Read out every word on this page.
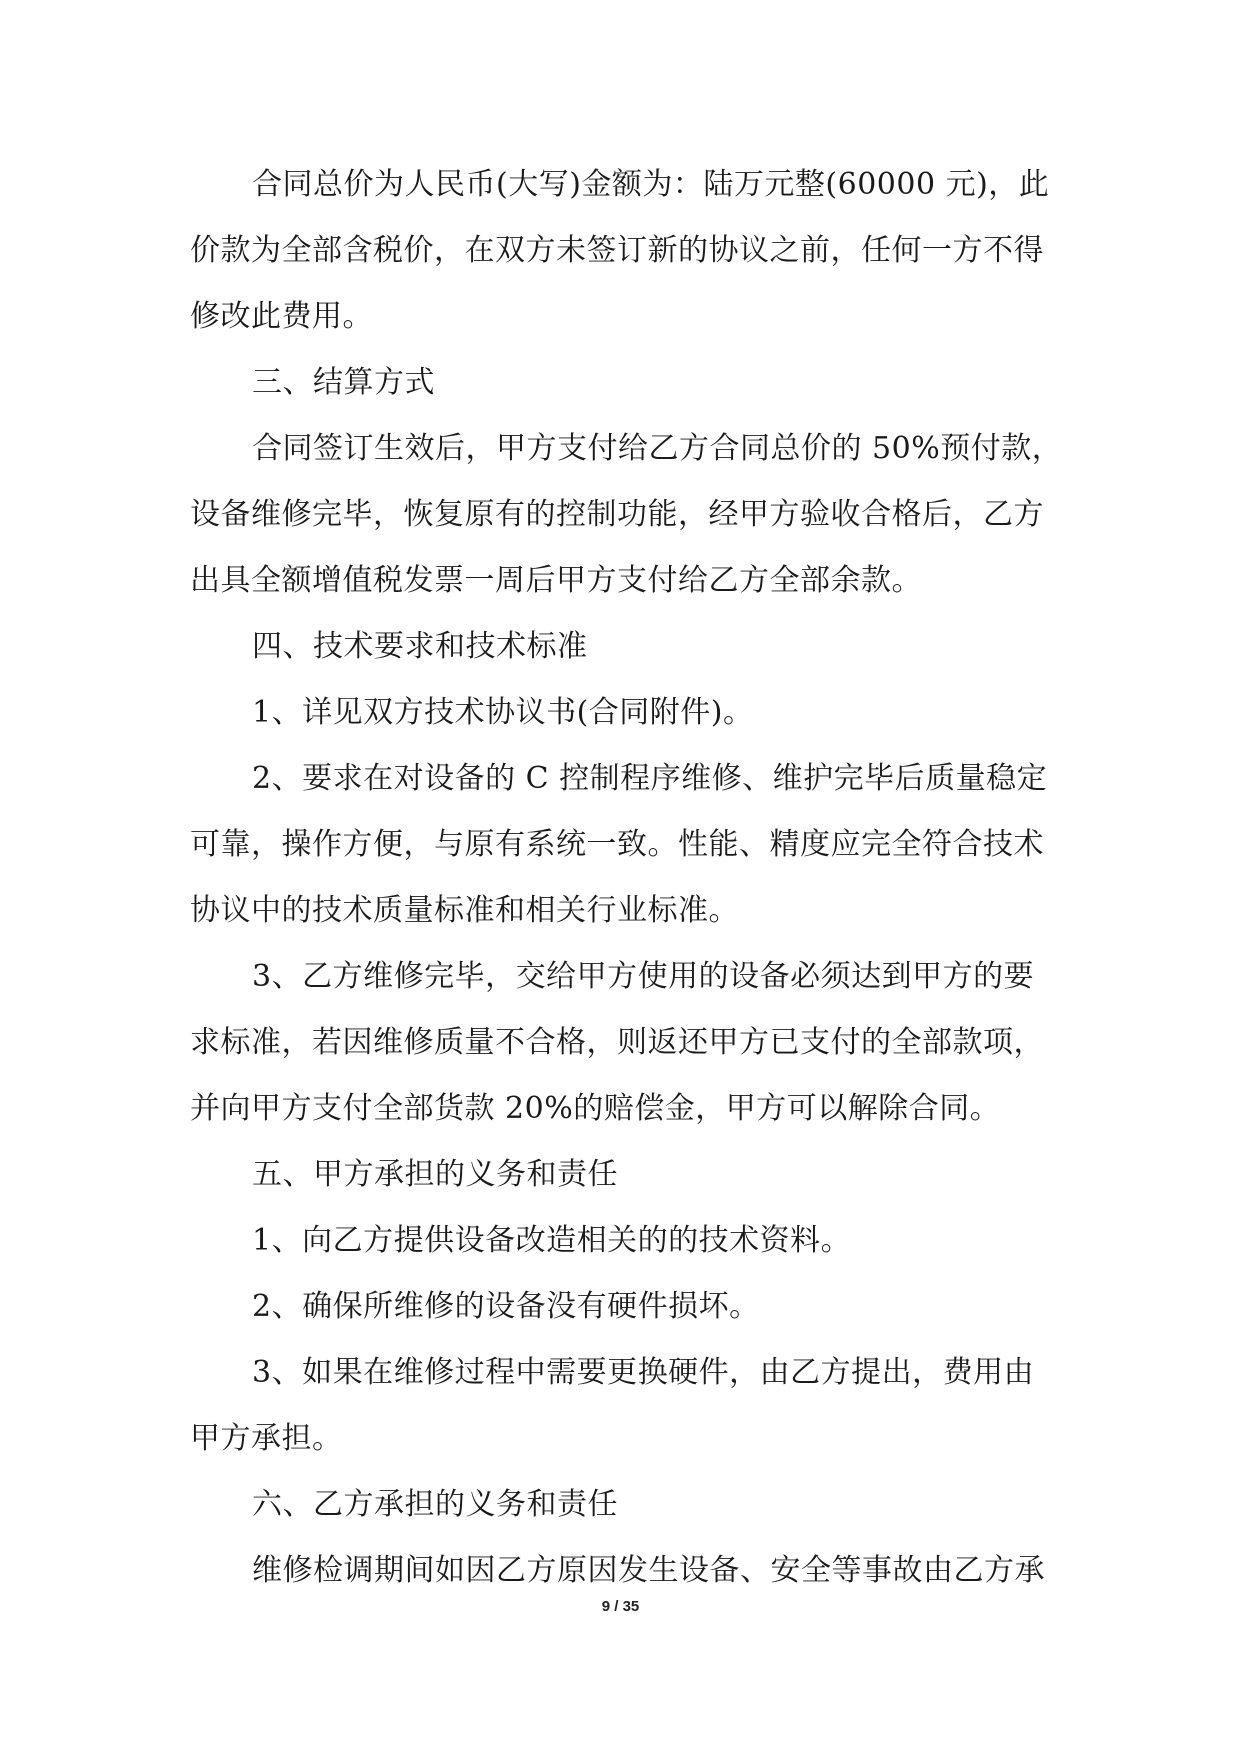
合同总价为人民币(大写)金额为：陆万元整(60000 元)，此
价款为全部含税价，在双方未签订新的协议之前，任何一方不得
修改此费用。
三、结算方式
合同签订生效后，甲方支付给乙方合同总价的 50%预付款，
设备维修完毕，恢复原有的控制功能，经甲方验收合格后，乙方
出具全额增值税发票一周后甲方支付给乙方全部余款。
四、技术要求和技术标准
1、详见双方技术协议书(合同附件)。
2、要求在对设备的 C 控制程序维修、维护完毕后质量稳定
可靠，操作方便，与原有系统一致。性能、精度应完全符合技术
协议中的技术质量标准和相关行业标准。
3、乙方维修完毕，交给甲方使用的设备必须达到甲方的要
求标准，若因维修质量不合格，则返还甲方已支付的全部款项，
并向甲方支付全部货款 20%的赔偿金，甲方可以解除合同。
五、甲方承担的义务和责任
1、向乙方提供设备改造相关的的技术资料。
2、确保所维修的设备没有硬件损坏。
3、如果在维修过程中需要更换硬件，由乙方提出，费用由
甲方承担。
六、乙方承担的义务和责任
维修检调期间如因乙方原因发生设备、安全等事故由乙方承
9 / 35
